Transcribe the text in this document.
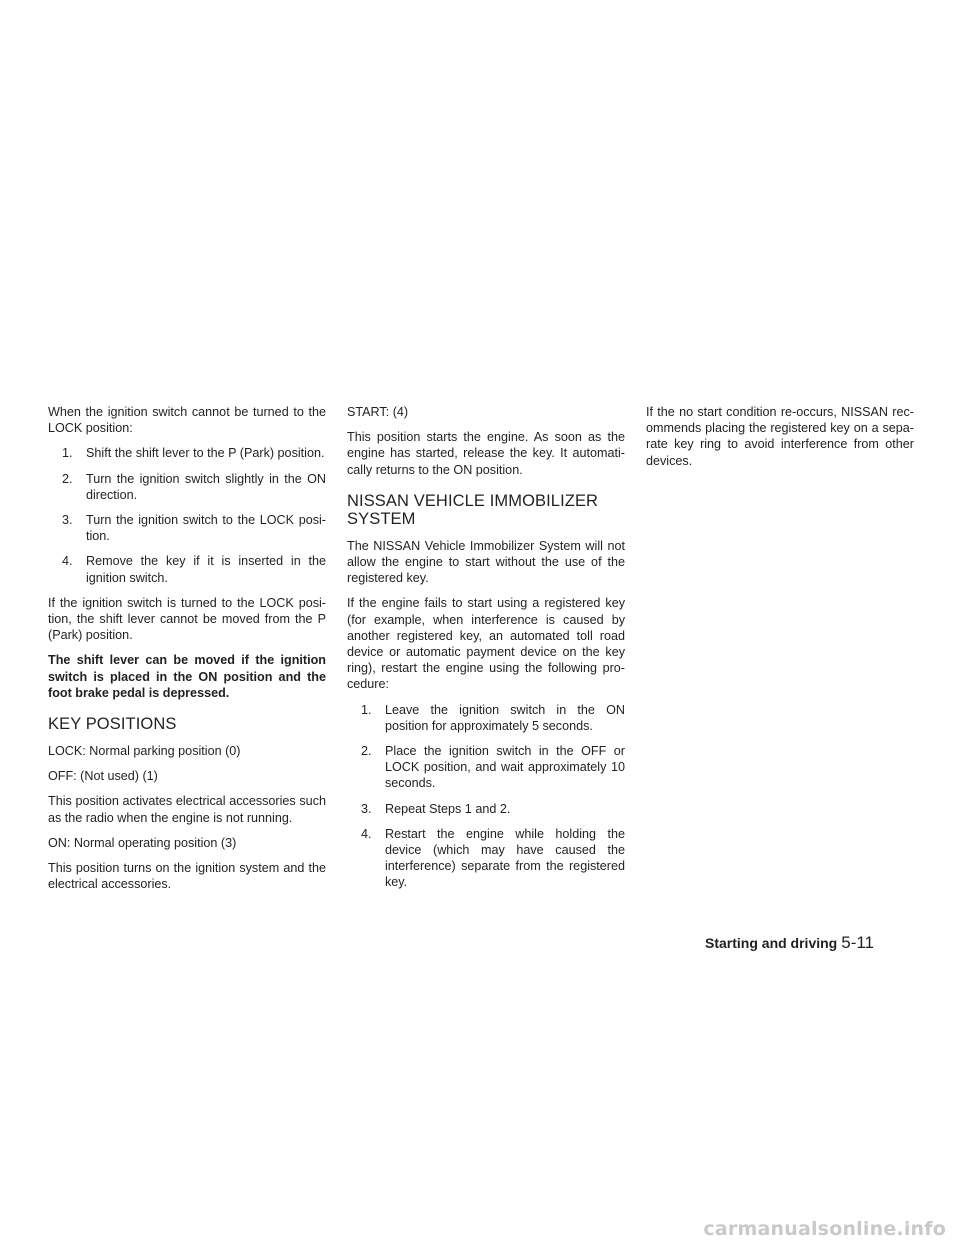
When the ignition switch cannot be turned to the LOCK position:

1. Shift the shift lever to the P (Park) position.
2. Turn the ignition switch slightly in the ON direction.
3. Turn the ignition switch to the LOCK posi-tion.
4. Remove the key if it is inserted in the ignition switch.

If the ignition switch is turned to the LOCK posi-tion, the shift lever cannot be moved from the P (Park) position.

The shift lever can be moved if the ignition switch is placed in the ON position and the foot brake pedal is depressed.

KEY POSITIONS

LOCK: Normal parking position (0)

OFF: (Not used) (1)

This position activates electrical accessories such as the radio when the engine is not running.

ON: Normal operating position (3)

This position turns on the ignition system and the electrical accessories.

START: (4)

This position starts the engine. As soon as the engine has started, release the key. It automati-cally returns to the ON position.

NISSAN VEHICLE IMMOBILIZER
SYSTEM

The NISSAN Vehicle Immobilizer System will not allow the engine to start without the use of the registered key.

If the engine fails to start using a registered key (for example, when interference is caused by another registered key, an automated toll road device or automatic payment device on the key ring), restart the engine using the following pro-cedure:

1. Leave the ignition switch in the ON position for approximately 5 seconds.
2. Place the ignition switch in the OFF or LOCK position, and wait approximately 10 seconds.
3. Repeat Steps 1 and 2.
4. Restart the engine while holding the device (which may have caused the interference) separate from the registered key.

If the no start condition re-occurs, NISSAN rec-ommends placing the registered key on a sepa-rate key ring to avoid interference from other devices.

Starting and driving 5-11
carmanualsonline.info
